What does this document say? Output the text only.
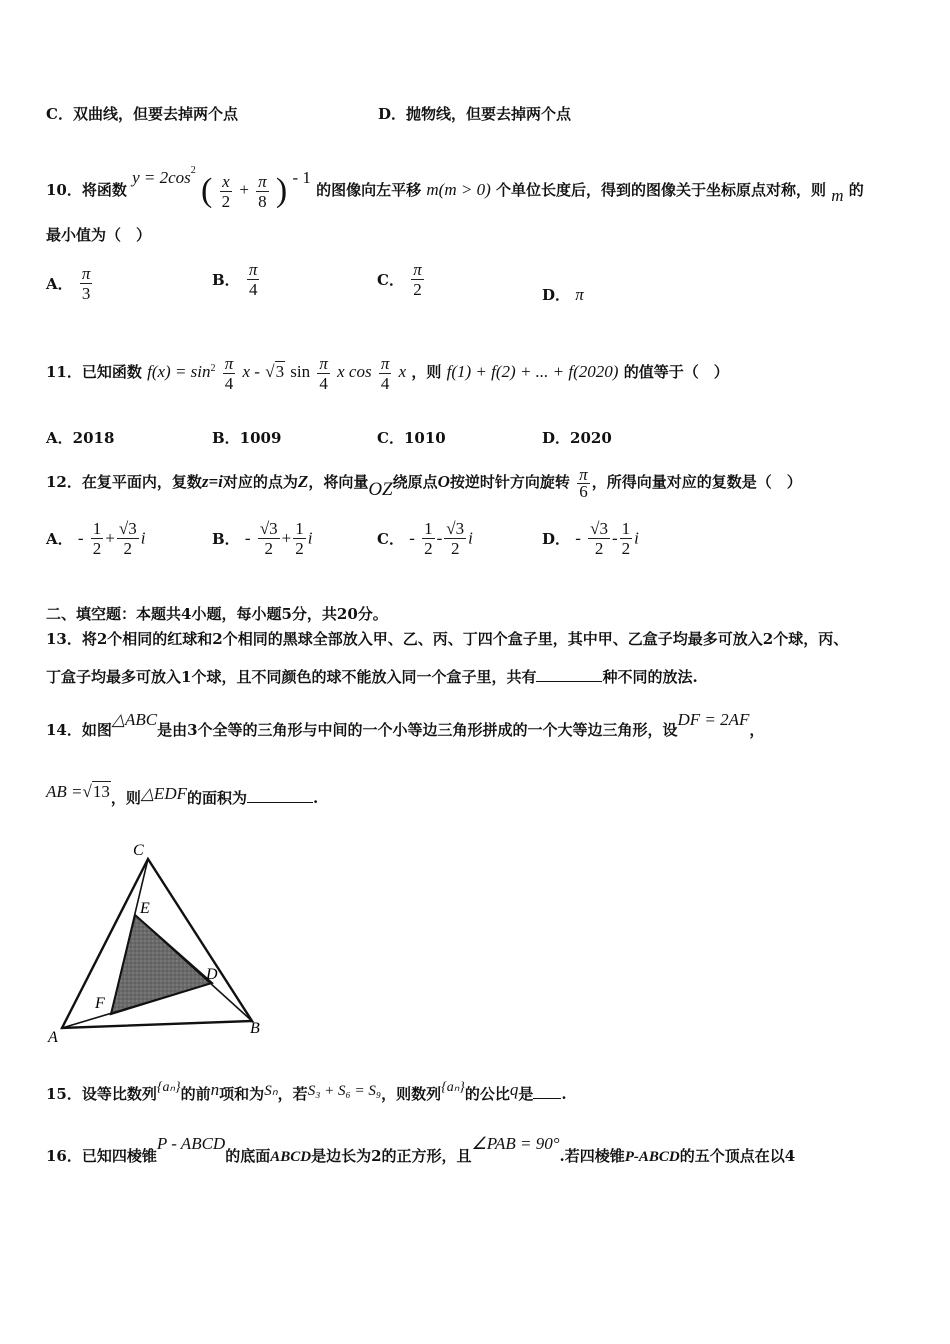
C．双曲线，但要去掉两个点	D．抛物线，但要去掉两个点
10．将函数 $y = 2\cos^2$ ( $\frac{x}{2} + \frac{\pi}{8}$ ) - 1 的图像向左平移 m(m > 0) 个单位长度后，得到的图像关于坐标原点对称，则 m 的
最小值为（　）
A． $\frac{\pi}{3}$	B． $\frac{\pi}{4}$	C． $\frac{\pi}{2}$	D． π
11．已知函数 $f(x) = \sin^2 \frac{\pi}{4}$ x - √3 $\sin \frac{\pi}{4}$ x $\cos \frac{\pi}{4}$ x ，则 f(1) + f(2) + ... + f(2020) 的值等于（　）
A．2018	B．1009	C．1010	D．2020
12．在复平面内，复数z=i对应的点为Z，将向量OZ绕原点O按逆时针方向旋转 $\frac{\pi}{6}$ ，所得向量对应的复数是（　）
A． - $\frac{1}{2} + \frac{√3}{2}$ i	B． - $\frac{√3}{2} + \frac{1}{2}$ i	C． - $\frac{1}{2} - \frac{√3}{2}$ i	D． - $\frac{√3}{2} - \frac{1}{2}$ i
二、填空题：本题共4小题，每小题5分，共20分。
13．将2个相同的红球和2个相同的黑球全部放入甲、乙、丙、丁四个盒子里，其中甲、乙盒子均最多可放入2个球，丙、
丁盒子均最多可放入1个球，且不同颜色的球不能放入同一个盒子里，共有	种不同的放法.
14．如图△ABC是由3个全等的三角形与中间的一个小等边三角形拼成的一个大等边三角形，设DF = 2AF，
AB =√13，则△EDF的面积为	.
A
B
C
D
E
F
15．设等比数列{aₙ}的前n项和为Sₙ，若S₃ + S₆ = S₉，则数列{aₙ}的公比q是 .
16．已知四棱锥P - ABCD的底面ABCD是边长为2的正方形，且∠PAB = 90°.若四棱锥P-ABCD的五个顶点在以4
